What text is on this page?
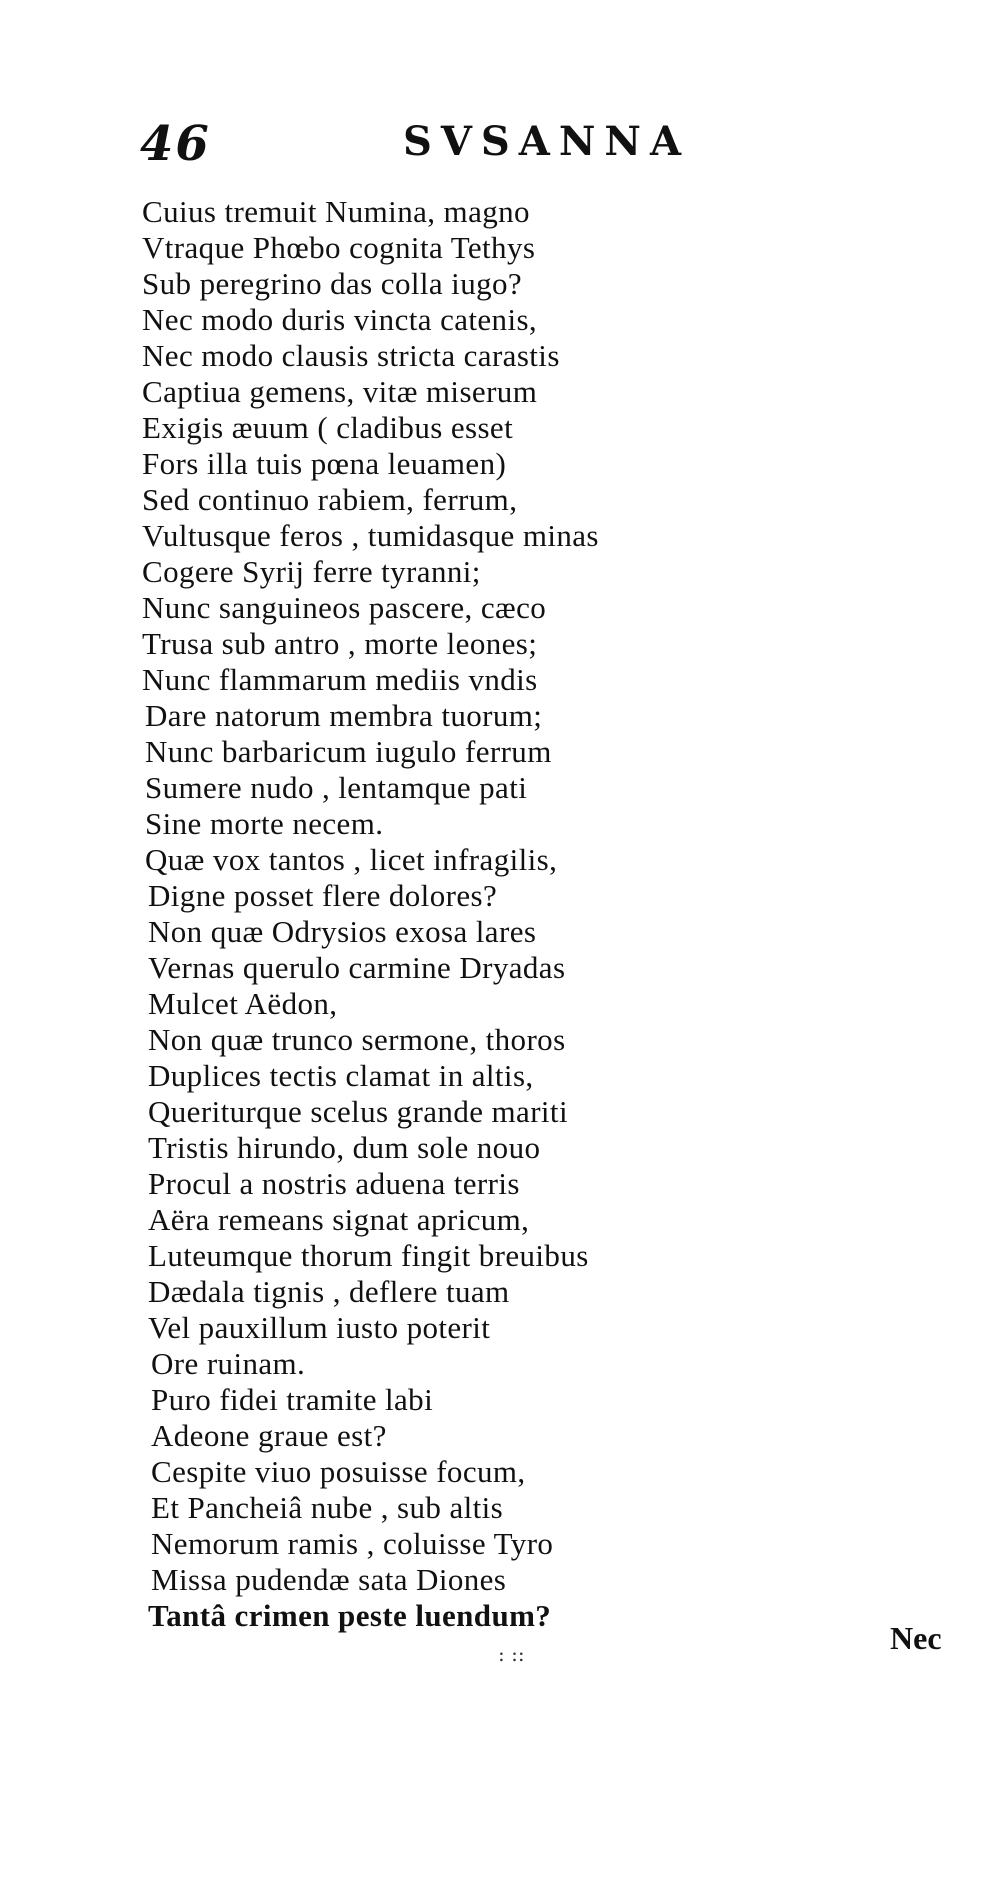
46	SVSANNA
Cuius tremuit Numina, magno
Vtraque Phœbo cognita Tethys
Sub peregrino das colla iugo?
Nec modo duris vincta catenis,
Nec modo clausis stricta carastis
Captiua gemens, vitæ miserum
Exigis æuum ( cladibus esset
Fors illa tuis pœna leuamen)
Sed continuo rabiem, ferrum,
Vultusque feros , tumidasque minas
Cogere Syrij ferre tyranni;
Nunc sanguineos pascere, cæco
Trusa sub antro , morte leones;
Nunc flammarum mediis vndis
Dare natorum membra tuorum;
Nunc barbaricum iugulo ferrum
Sumere nudo , lentamque pati
Sine morte necem.
Quæ vox tantos , licet infragilis,
Digne posset flere dolores?
Non quæ Odrysios exosa lares
Vernas querulo carmine Dryadas
Mulcet Aëdon,
Non quæ trunco sermone, thoros
Duplices tectis clamat in altis,
Queriturque scelus grande mariti
Tristis hirundo, dum sole nouo
Procul a nostris aduena terris
Aëra remeans signat apricum,
Luteumque thorum fingit breuibus
Dædala tignis , deflere tuam
Vel pauxillum iusto poterit
Ore ruinam.
Puro fidei tramite labi
Adeone graue est?
Cespite viuo posuisse focum,
Et Pancheiâ nube , sub altis
Nemorum ramis , coluisse Tyro
Missa pudendæ sata Diones
Tantâ crimen peste luendum?
: ::	Nec
